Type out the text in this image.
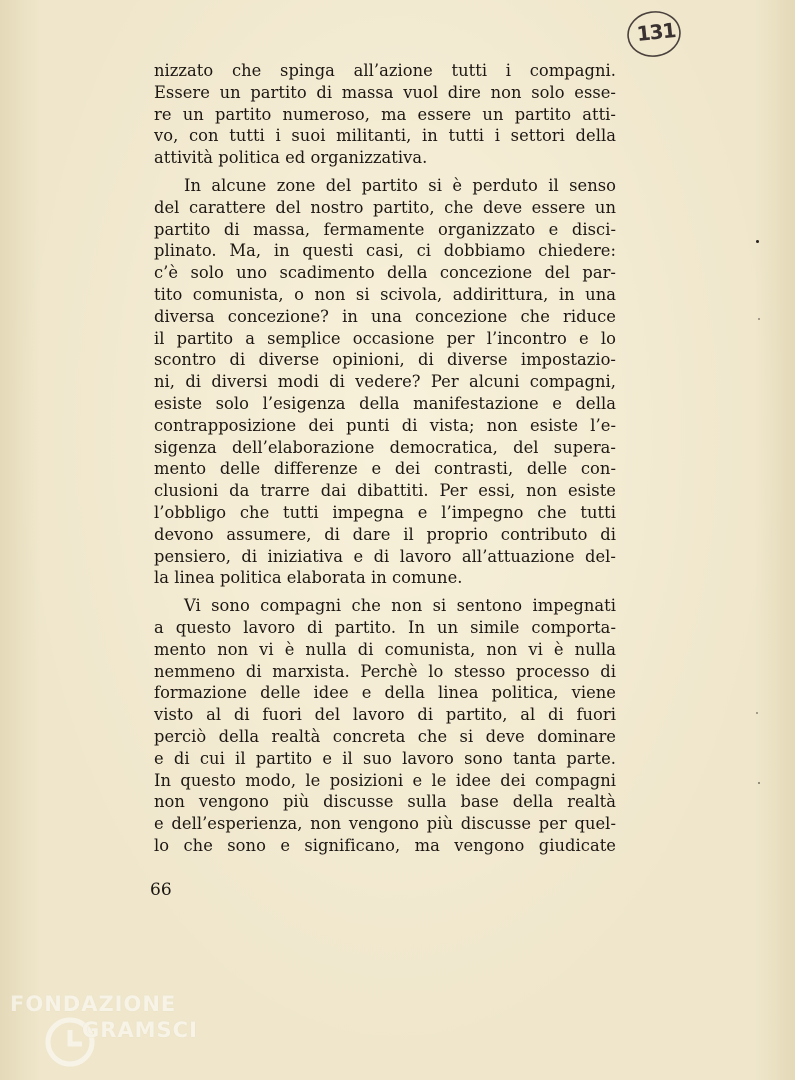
131
nizzato che spinga all’azione tutti i compagni.
Essere un partito di massa vuol dire non solo esse-
re un partito numeroso, ma essere un partito atti-
vo, con tutti i suoi militanti, in tutti i settori della
attività politica ed organizzativa.
In alcune zone del partito si è perduto il senso
del carattere del nostro partito, che deve essere un
partito di massa, fermamente organizzato e disci-
plinato. Ma, in questi casi, ci dobbiamo chiedere:
c’è solo uno scadimento della concezione del par-
tito comunista, o non si scivola, addirittura, in una
diversa concezione? in una concezione che riduce
il partito a semplice occasione per l’incontro e lo
scontro di diverse opinioni, di diverse impostazio-
ni, di diversi modi di vedere? Per alcuni compagni,
esiste solo l’esigenza della manifestazione e della
contrapposizione dei punti di vista; non esiste l’e-
sigenza dell’elaborazione democratica, del supera-
mento delle differenze e dei contrasti, delle con-
clusioni da trarre dai dibattiti. Per essi, non esiste
l’obbligo che tutti impegna e l’impegno che tutti
devono assumere, di dare il proprio contributo di
pensiero, di iniziativa e di lavoro all’attuazione del-
la linea politica elaborata in comune.
Vi sono compagni che non si sentono impegnati
a questo lavoro di partito. In un simile comporta-
mento non vi è nulla di comunista, non vi è nulla
nemmeno di marxista. Perchè lo stesso processo di
formazione delle idee e della linea politica, viene
visto al di fuori del lavoro di partito, al di fuori
perciò della realtà concreta che si deve dominare
e di cui il partito e il suo lavoro sono tanta parte.
In questo modo, le posizioni e le idee dei compagni
non vengono più discusse sulla base della realtà
e dell’esperienza, non vengono più discusse per quel-
lo che sono e significano, ma vengono giudicate
66
FONDAZIONE
GRAMSCI
